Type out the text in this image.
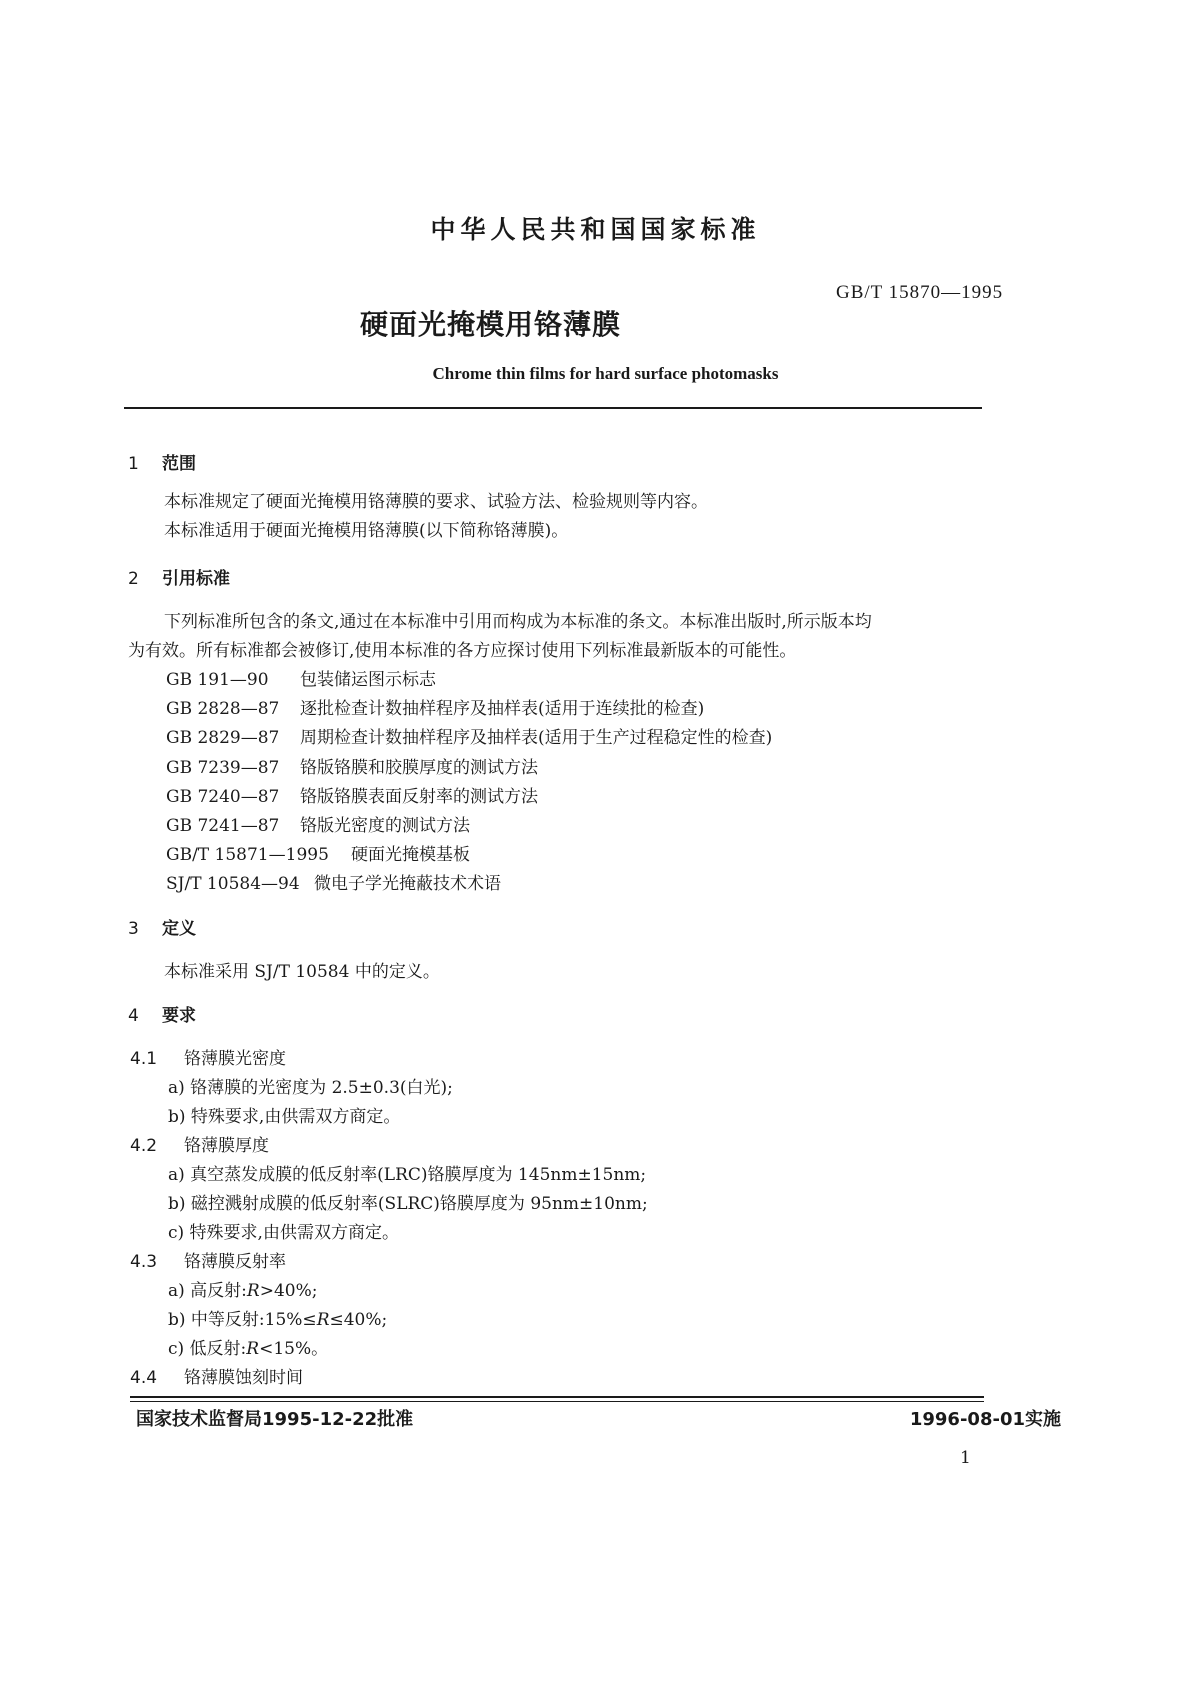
中华人民共和国国家标准
GB/T 15870—1995
硬面光掩模用铬薄膜
Chrome thin films for hard surface photomasks
1 范围
本标准规定了硬面光掩模用铬薄膜的要求、试验方法、检验规则等内容。
本标准适用于硬面光掩模用铬薄膜(以下简称铬薄膜)。
2 引用标准
下列标准所包含的条文,通过在本标准中引用而构成为本标准的条文。本标准出版时,所示版本均
为有效。所有标准都会被修订,使用本标准的各方应探讨使用下列标准最新版本的可能性。
GB 191—90 包装储运图示标志
GB 2828—87 逐批检查计数抽样程序及抽样表(适用于连续批的检查)
GB 2829—87 周期检查计数抽样程序及抽样表(适用于生产过程稳定性的检查)
GB 7239—87 铬版铬膜和胶膜厚度的测试方法
GB 7240—87 铬版铬膜表面反射率的测试方法
GB 7241—87 铬版光密度的测试方法
GB/T 15871—1995 硬面光掩模基板
SJ/T 10584—94 微电子学光掩蔽技术术语
3 定义
本标准采用 SJ/T 10584 中的定义。
4 要求
4.1 铬薄膜光密度
a) 铬薄膜的光密度为 2.5±0.3(白光);
b) 特殊要求,由供需双方商定。
4.2 铬薄膜厚度
a) 真空蒸发成膜的低反射率(LRC)铬膜厚度为 145nm±15nm;
b) 磁控溅射成膜的低反射率(SLRC)铬膜厚度为 95nm±10nm;
c) 特殊要求,由供需双方商定。
4.3 铬薄膜反射率
a) 高反射:R>40%;
b) 中等反射:15%≤R≤40%;
c) 低反射:R<15%。
4.4 铬薄膜蚀刻时间
国家技术监督局1995-12-22批准	1996-08-01实施
1
